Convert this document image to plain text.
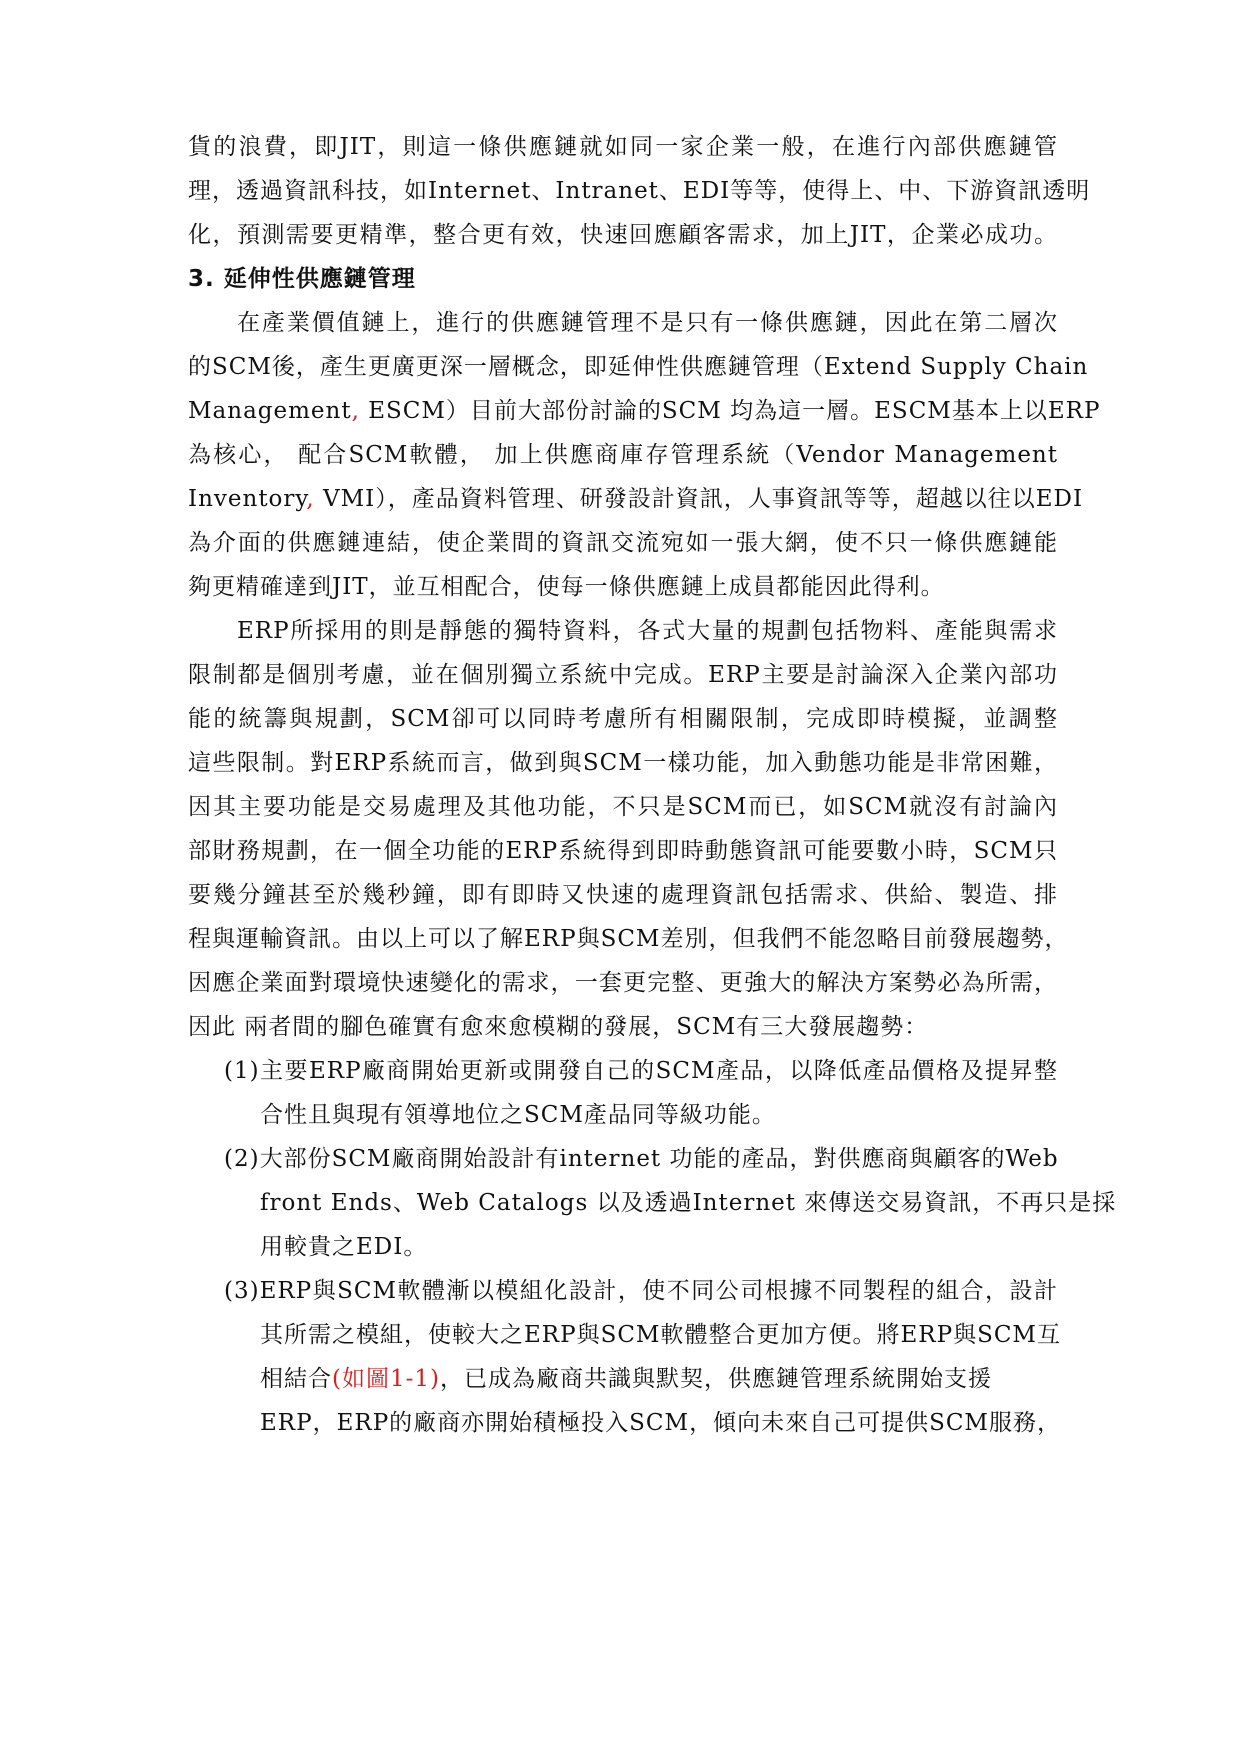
貨的浪費，即JIT，則這一條供應鏈就如同一家企業一般，在進行內部供應鏈管
理，透過資訊科技，如Internet、Intranet、EDI等等，使得上、中、下游資訊透明
化，預測需要更精準，整合更有效，快速回應顧客需求，加上JIT，企業必成功。
3. 延伸性供應鏈管理
在產業價值鏈上，進行的供應鏈管理不是只有一條供應鏈，因此在第二層次
的SCM後，產生更廣更深一層概念，即延伸性供應鏈管理（Extend Supply Chain
Management, ESCM）目前大部份討論的SCM 均為這一層。ESCM基本上以ERP
為核心， 配合SCM軟體， 加上供應商庫存管理系統（Vendor Management
Inventory, VMI），產品資料管理、研發設計資訊，人事資訊等等，超越以往以EDI
為介面的供應鏈連結，使企業間的資訊交流宛如一張大網，使不只一條供應鏈能
夠更精確達到JIT，並互相配合，使每一條供應鏈上成員都能因此得利。
ERP所採用的則是靜態的獨特資料，各式大量的規劃包括物料、產能與需求
限制都是個別考慮，並在個別獨立系統中完成。ERP主要是討論深入企業內部功
能的統籌與規劃，SCM卻可以同時考慮所有相關限制，完成即時模擬，並調整
這些限制。對ERP系統而言，做到與SCM一樣功能，加入動態功能是非常困難，
因其主要功能是交易處理及其他功能，不只是SCM而已，如SCM就沒有討論內
部財務規劃，在一個全功能的ERP系統得到即時動態資訊可能要數小時，SCM只
要幾分鐘甚至於幾秒鐘，即有即時又快速的處理資訊包括需求、供給、製造、排
程與運輸資訊。由以上可以了解ERP與SCM差別，但我們不能忽略目前發展趨勢，
因應企業面對環境快速變化的需求，一套更完整、更強大的解決方案勢必為所需，
因此 兩者間的腳色確實有愈來愈模糊的發展，SCM有三大發展趨勢：
(1)主要ERP廠商開始更新或開發自己的SCM產品，以降低產品價格及提昇整
合性且與現有領導地位之SCM產品同等級功能。
(2)大部份SCM廠商開始設計有internet 功能的產品，對供應商與顧客的Web
front Ends、Web Catalogs 以及透過Internet 來傳送交易資訊，不再只是採
用較貴之EDI。
(3)ERP與SCM軟體漸以模組化設計，使不同公司根據不同製程的組合，設計
其所需之模組，使較大之ERP與SCM軟體整合更加方便。將ERP與SCM互
相結合(如圖1-1)，已成為廠商共識與默契，供應鏈管理系統開始支援
ERP，ERP的廠商亦開始積極投入SCM，傾向未來自己可提供SCM服務，
